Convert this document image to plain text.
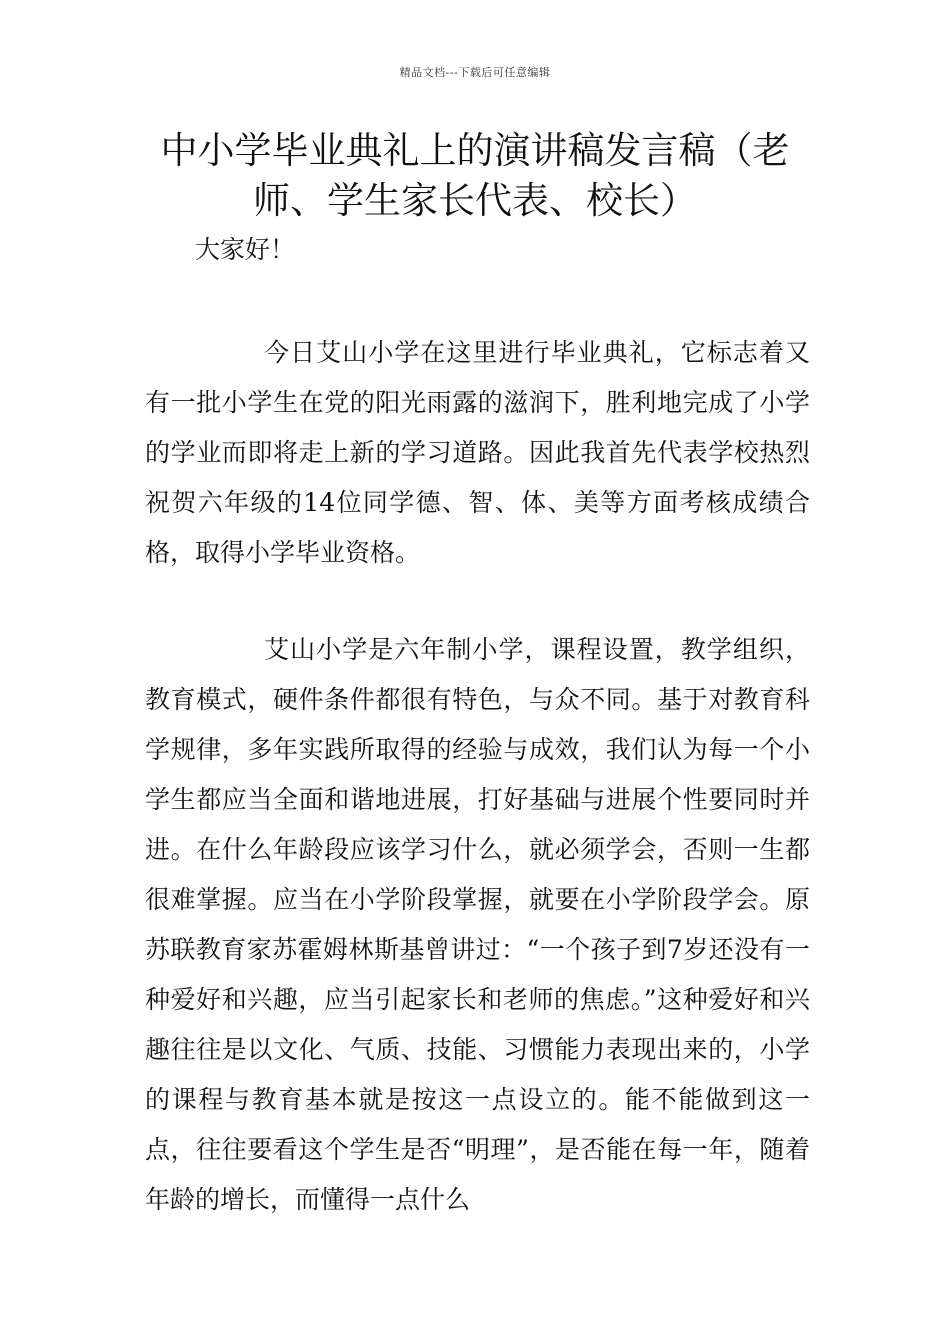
精品文档---下载后可任意编辑
中小学毕业典礼上的演讲稿发言稿（老师、学生家长代表、校长）
大家好！

今日艾山小学在这里进行毕业典礼，它标志着又有一批小学生在党的阳光雨露的滋润下，胜利地完成了小学的学业而即将走上新的学习道路。因此我首先代表学校热烈祝贺六年级的14位同学德、智、体、美等方面考核成绩合格，取得小学毕业资格。

艾山小学是六年制小学，课程设置，教学组织，教育模式，硬件条件都很有特色，与众不同。基于对教育科学规律，多年实践所取得的经验与成效，我们认为每一个小学生都应当全面和谐地进展，打好基础与进展个性要同时并进。在什么年龄段应该学习什么，就必须学会，否则一生都很难掌握。应当在小学阶段掌握，就要在小学阶段学会。原苏联教育家苏霍姆林斯基曾讲过：“一个孩子到7岁还没有一种爱好和兴趣，应当引起家长和老师的焦虑。”这种爱好和兴趣往往是以文化、气质、技能、习惯能力表现出来的，小学的课程与教育基本就是按这一点设立的。能不能做到这一点，往往要看这个学生是否“明理”，是否能在每一年，随着年龄的增长，而懂得一点什么
